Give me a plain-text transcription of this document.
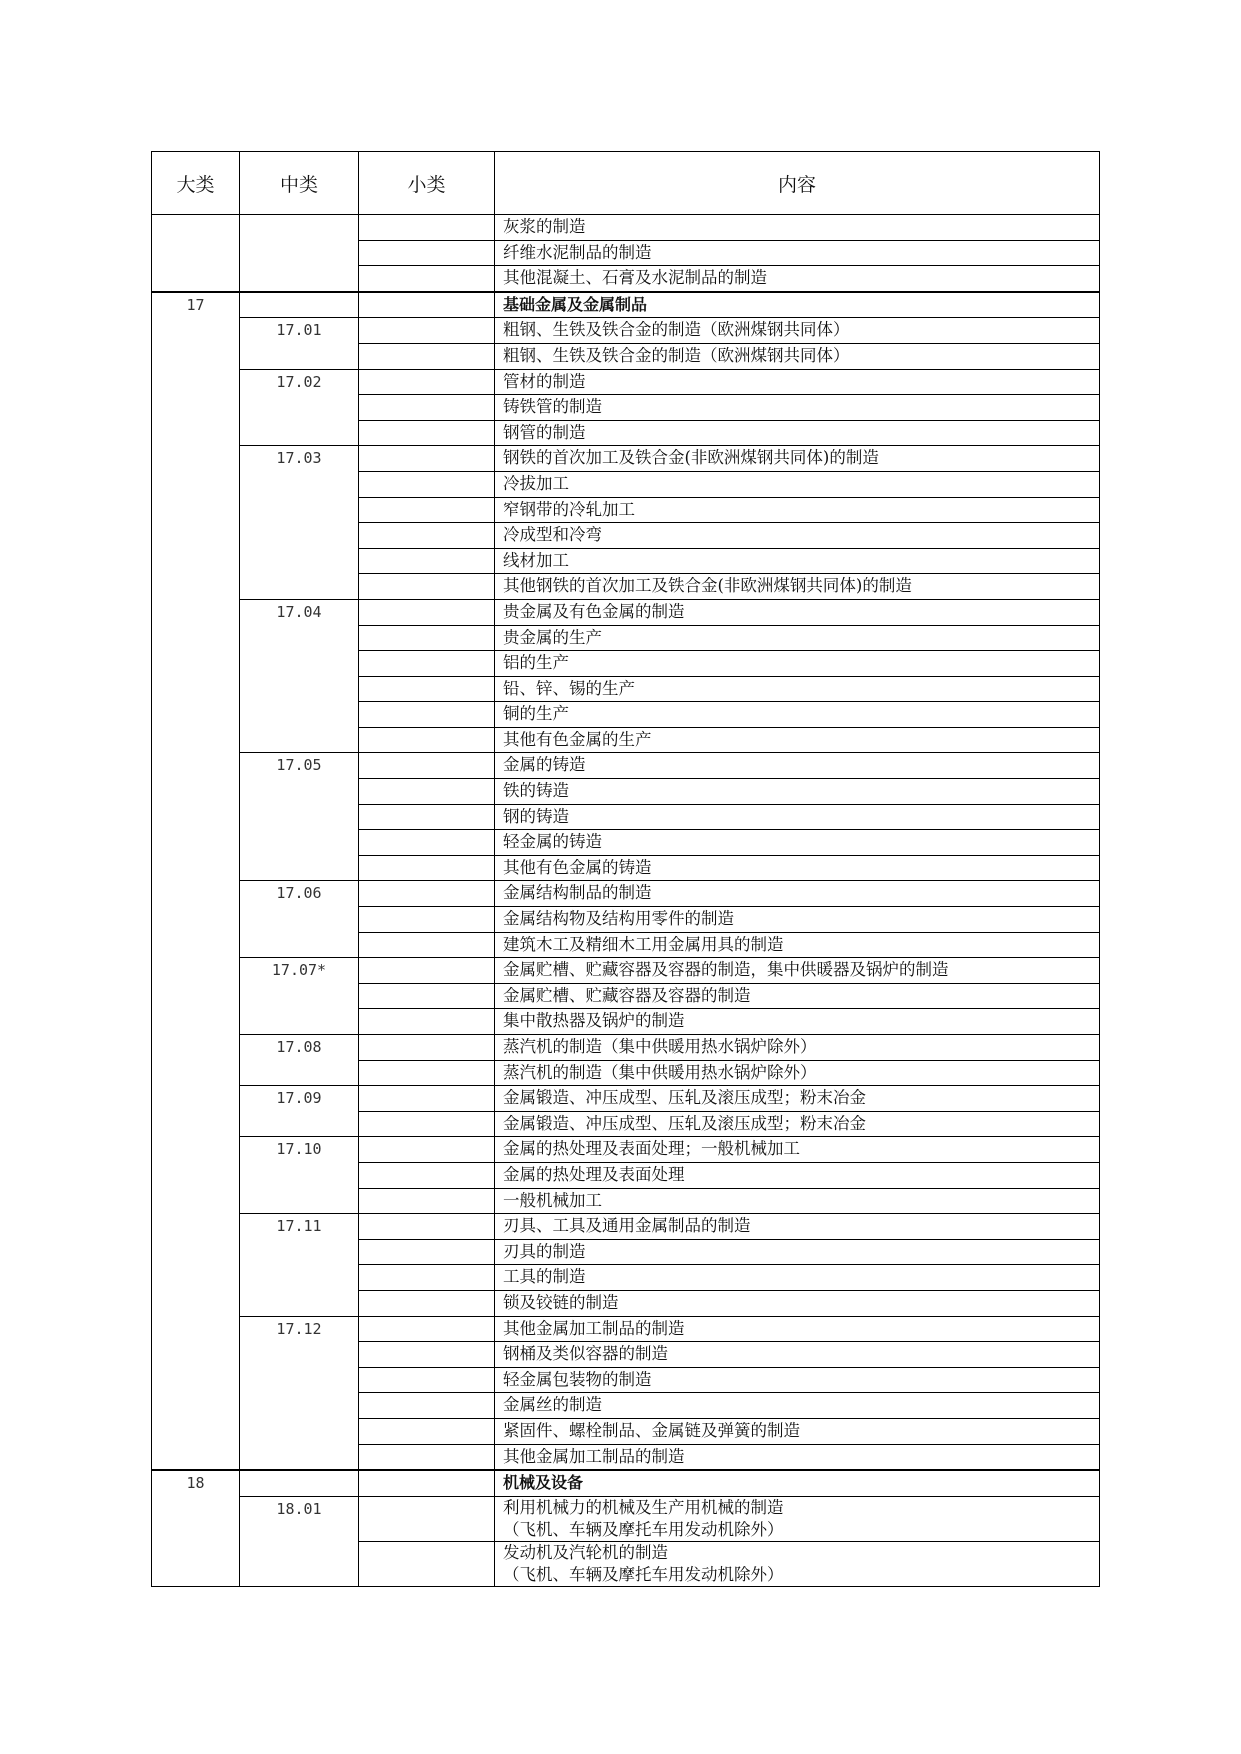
大类	中类	小类	内容
			灰浆的制造
			纤维水泥制品的制造
			其他混凝土、石膏及水泥制品的制造
17			基础金属及金属制品
	17.01		粗钢、生铁及铁合金的制造（欧洲煤钢共同体）
			粗钢、生铁及铁合金的制造（欧洲煤钢共同体）
	17.02		管材的制造
			铸铁管的制造
			钢管的制造
	17.03		钢铁的首次加工及铁合金(非欧洲煤钢共同体)的制造
			冷拔加工
			窄钢带的冷轧加工
			冷成型和冷弯
			线材加工
			其他钢铁的首次加工及铁合金(非欧洲煤钢共同体)的制造
	17.04		贵金属及有色金属的制造
			贵金属的生产
			铝的生产
			铅、锌、锡的生产
			铜的生产
			其他有色金属的生产
	17.05		金属的铸造
			铁的铸造
			钢的铸造
			轻金属的铸造
			其他有色金属的铸造
	17.06		金属结构制品的制造
			金属结构物及结构用零件的制造
			建筑木工及精细木工用金属用具的制造
	17.07*		金属贮槽、贮藏容器及容器的制造，集中供暖器及锅炉的制造
			金属贮槽、贮藏容器及容器的制造
			集中散热器及锅炉的制造
	17.08		蒸汽机的制造（集中供暖用热水锅炉除外）
			蒸汽机的制造（集中供暖用热水锅炉除外）
	17.09		金属锻造、冲压成型、压轧及滚压成型；粉末冶金
			金属锻造、冲压成型、压轧及滚压成型；粉末冶金
	17.10		金属的热处理及表面处理；一般机械加工
			金属的热处理及表面处理
			一般机械加工
	17.11		刃具、工具及通用金属制品的制造
			刃具的制造
			工具的制造
			锁及铰链的制造
	17.12		其他金属加工制品的制造
			钢桶及类似容器的制造
			轻金属包装物的制造
			金属丝的制造
			紧固件、螺栓制品、金属链及弹簧的制造
			其他金属加工制品的制造
18			机械及设备
	18.01		利用机械力的机械及生产用机械的制造
（飞机、车辆及摩托车用发动机除外）

			发动机及汽轮机的制造
（飞机、车辆及摩托车用发动机除外）
